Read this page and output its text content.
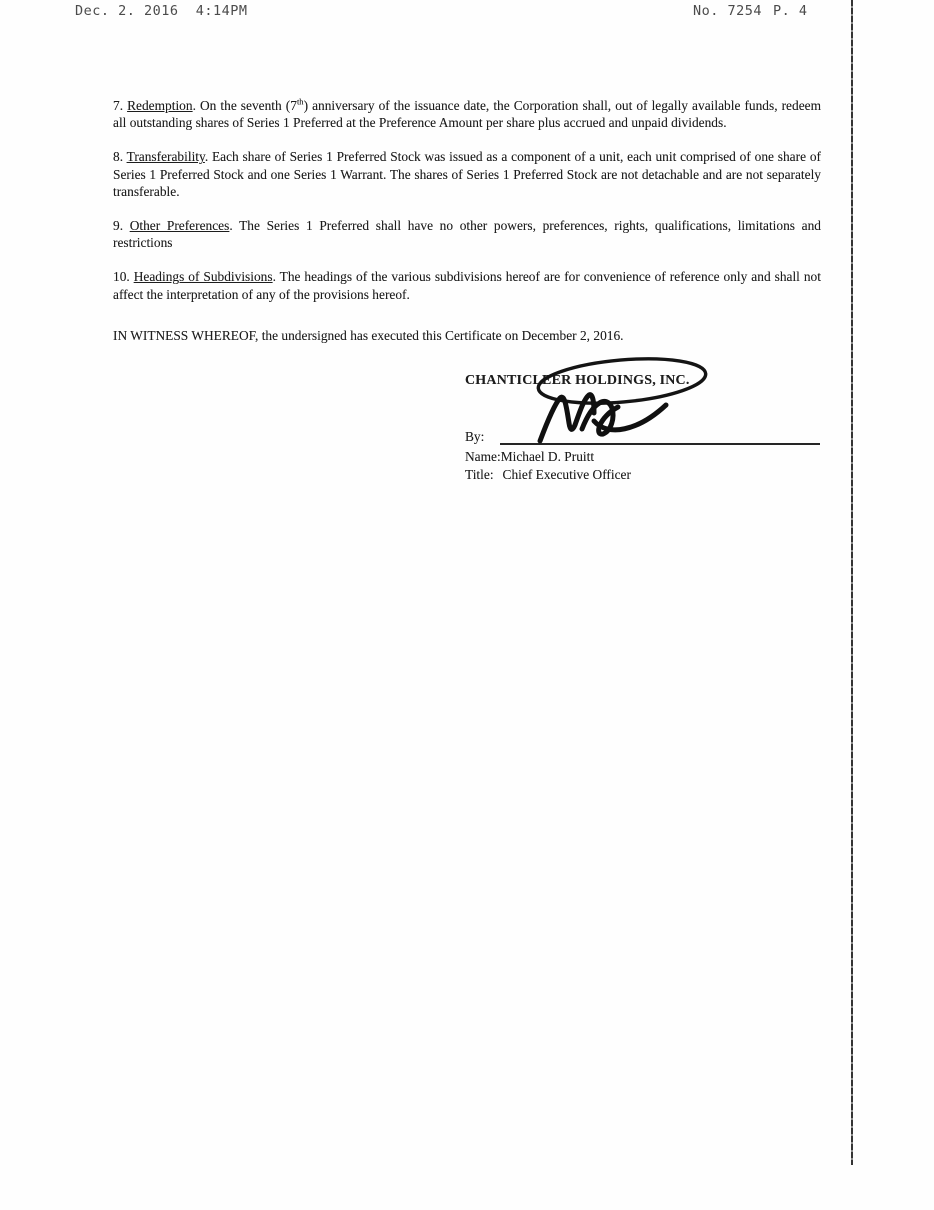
Dec. 2. 2016  4:14PM	No. 7254 P. 4

7. Redemption. On the seventh (7th) anniversary of the issuance date, the Corporation shall, out of legally available funds, redeem all outstanding shares of Series 1 Preferred at the Preference Amount per share plus accrued and unpaid dividends.

8. Transferability. Each share of Series 1 Preferred Stock was issued as a component of a unit, each unit comprised of one share of Series 1 Preferred Stock and one Series 1 Warrant. The shares of Series 1 Preferred Stock are not detachable and are not separately transferable.

9. Other Preferences. The Series 1 Preferred shall have no other powers, preferences, rights, qualifications, limitations and restrictions

10. Headings of Subdivisions. The headings of the various subdivisions hereof are for convenience of reference only and shall not affect the interpretation of any of the provisions hereof.

IN WITNESS WHEREOF, the undersigned has executed this Certificate on December 2, 2016.

CHANTICLEER HOLDINGS, INC.
By:
Name:Michael D. Pruitt
Title: Chief Executive Officer
